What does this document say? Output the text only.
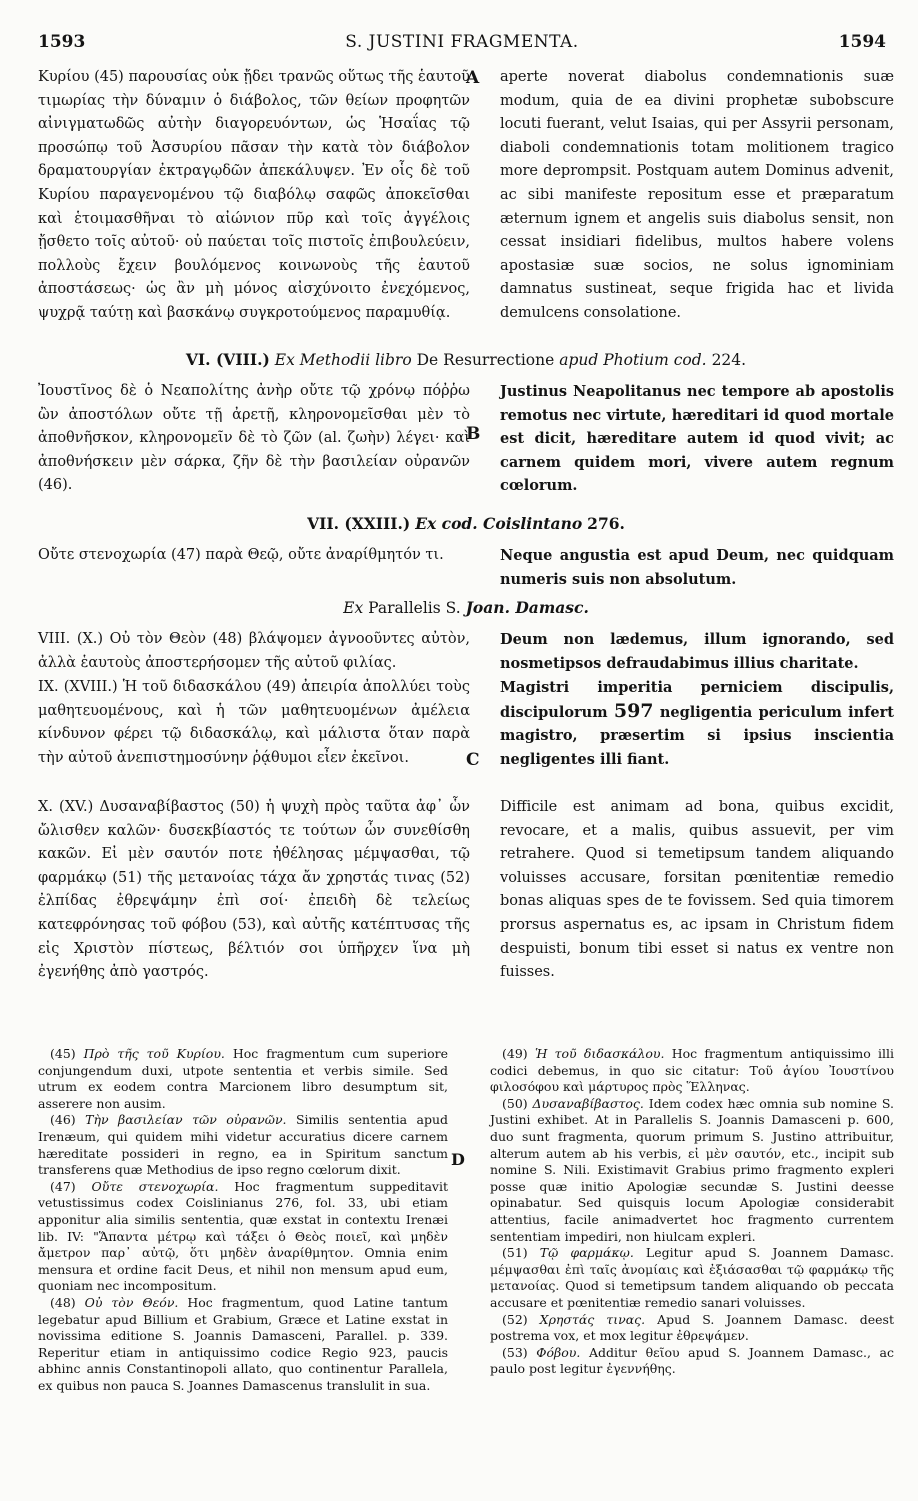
1593	S. JUSTINI FRAGMENTA.	1594
Κυρίου (45) παρουσίας οὐκ ᾔδει τρανῶς οὕτως τῆς ἑαυτοῦ τιμωρίας τὴν δύναμιν ὁ διάβολος, τῶν θείων προφητῶν αἰνιγματωδῶς αὐτὴν διαγορευόντων, ὡς Ἡσαΐας τῷ προσώπῳ τοῦ Ἀσσυρίου πᾶσαν τὴν κατὰ τὸν διάβολον δραματουργίαν ἐκτραγῳδῶν ἀπεκάλυψεν. Ἐν οἷς δὲ τοῦ Κυρίου παραγενομένου τῷ διαβόλῳ σαφῶς ἀποκεῖσθαι καὶ ἑτοιμασθῆναι τὸ αἰώνιον πῦρ καὶ τοῖς ἀγγέλοις ᾔσθετο τοῖς αὐτοῦ· οὐ παύεται τοῖς πιστοῖς ἐπιβουλεύειν, πολλοὺς ἔχειν βουλόμενος κοινωνοὺς τῆς ἑαυτοῦ ἀποστάσεως· ὡς ἂν μὴ μόνος αἰσχύνοιτο ἐνεχόμενος, ψυχρᾷ ταύτῃ καὶ βασκάνῳ συγκροτούμενος παραμυθίᾳ.
A aperte noverat diabolus condemnationis suæ modum, quia de ea divini prophetæ subobscure locuti fuerant, velut Isaias, qui per Assyrii personam, diaboli condemnationis totam molitionem tragico more deprompsit. Postquam autem Dominus advenit, ac sibi manifeste repositum esse et præparatum æternum ignem et angelis suis diabolus sensit, non cessat insidiari fidelibus, multos habere volens apostasiæ suæ socios, ne solus ignominiam damnatus sustineat, seque frigida hac et livida demulcens consolatione.
VI. (VIII.) Ex Methodii libro De Resurrectione apud Photium cod. 224.
Ἰουστῖνος δὲ ὁ Νεαπολίτης ἀνὴρ οὔτε τῷ χρόνῳ πόῤῥω ὢν ἀποστόλων οὔτε τῇ ἀρετῇ, κληρονομεῖσθαι μὲν τὸ ἀποθνῆσκον, κληρονομεῖν δὲ τὸ ζῶν (al. ζωὴν) λέγει· καὶ ἀποθνήσκειν μὲν σάρκα, ζῆν δὲ τὴν βασιλείαν οὐρανῶν (46).
B
Justinus Neapolitanus nec tempore ab apostolis remotus nec virtute, hæreditari id quod mortale est dicit, hæreditare autem id quod vivit; ac carnem quidem mori, vivere autem regnum cœlorum.
VII. (XXIII.) Ex cod. Coislintano 276.
Οὔτε στενοχωρία (47) παρὰ Θεῷ, οὔτε ἀναρίθμητόν τι.	Neque angustia est apud Deum, nec quidquam numeris suis non absolutum.
Ex Parallelis S. Joan. Damasc.
VIII. (X.) Οὐ τὸν Θεὸν (48) βλάψομεν ἀγνοοῦντες αὐτὸν, ἀλλὰ ἑαυτοὺς ἀποστερήσομεν τῆς αὐτοῦ φιλίας.
Deum non lædemus, illum ignorando, sed nosmetipsos defraudabimus illius charitate.
IX. (XVIII.) Ἡ τοῦ διδασκάλου (49) ἀπειρία ἀπολλύει τοὺς μαθητευομένους, καὶ ἡ τῶν μαθητευομένων ἀμέλεια κίνδυνον φέρει τῷ διδασκάλῳ, καὶ μάλιστα ὅταν παρὰ τὴν αὐτοῦ ἀνεπιστημοσύνην ῥᾴθυμοι εἶεν ἐκεῖνοι.	C
Magistri imperitia perniciem discipulis, discipulorum 597 negligentia periculum infert magistro, præsertim si ipsius inscientia negligentes illi fiant.
X. (XV.) Δυσαναβίβαστος (50) ἡ ψυχὴ πρὸς ταῦτα ἀφ᾽ ὧν ὤλισθεν καλῶν· δυσεκβίαστός τε τούτων ὧν συνεθίσθη κακῶν. Εἰ μὲν σαυτόν ποτε ἠθέλησας μέμψασθαι, τῷ φαρμάκῳ (51) τῆς μετανοίας τάχα ἄν χρηστάς τινας (52) ἐλπίδας ἐθρεψάμην ἐπὶ σοί· ἐπειδὴ δὲ τελείως κατεφρόνησας τοῦ φόβου (53), καὶ αὐτῆς κατέπτυσας τῆς εἰς Χριστὸν πίστεως, βέλτιόν σοι ὑπῆρχεν ἵνα μὴ ἐγενήθης ἀπὸ γαστρός.
Difficile est animam ad bona, quibus excidit, revocare, et a malis, quibus assuevit, per vim retrahere. Quod si temetipsum tandem aliquando voluisses accusare, forsitan pœnitentiæ remedio bonas aliquas spes de te fovissem. Sed quia timorem prorsus aspernatus es, ac ipsam in Christum fidem despuisti, bonum tibi esset si natus ex ventre non fuisses.

(45) Πρὸ τῆς τοῦ Κυρίου. Hoc fragmentum cum superiore conjungendum duxi, utpote sententia et verbis simile. Sed utrum ex eodem contra Marcionem libro desumptum sit, asserere non ausim.

(46) Τὴν βασιλείαν τῶν οὐρανῶν. Similis sententia apud Irenæum, qui quidem mihi videtur accuratius dicere carnem hæreditate possideri in regno, ea in Spiritum sanctum transferens quæ Methodius de ipso regno cœlorum dixit.

(47) Οὔτε στενοχωρία. Hoc fragmentum suppeditavit vetustissimus codex Coislinianus 276, fol. 33, ubi etiam apponitur alia similis sententia, quæ exstat in contextu Irenæi lib. IV: "Ἅπαντα μέτρῳ καὶ τάξει ὁ Θεὸς ποιεῖ, καὶ μηδὲν ἄμετρον παρ᾽ αὐτῷ, ὅτι μηδὲν ἀναρίθμητον. Omnia enim mensura et ordine facit Deus, et nihil non mensum apud eum, quoniam nec incompositum.

(48) Οὐ τὸν Θεόν. Hoc fragmentum, quod Latine tantum legebatur apud Billium et Grabium, Græce et Latine exstat in novissima editione S. Joannis Damasceni, Parallel. p. 339. Reperitur etiam in antiquissimo codice Regio 923, paucis abhinc annis Constantinopoli allato, quo continentur Parallela, ex quibus non pauca S. Joannes Damascenus translulit in sua.

D

(49) Ἡ τοῦ διδασκάλου. Hoc fragmentum antiquissimo illi codici debemus, in quo sic citatur: Τοῦ ἁγίου Ἰουστίνου φιλοσόφου καὶ μάρτυρος πρὸς Ἕλληνας.

(50) Δυσαναβίβαστος. Idem codex hæc omnia sub nomine S. Justini exhibet. At in Parallelis S. Joannis Damasceni p. 600, duo sunt fragmenta, quorum primum S. Justino attribuitur, alterum autem ab his verbis, εἰ μὲν σαυτόν, etc., incipit sub nomine S. Nili. Existimavit Grabius primo fragmento expleri posse quæ initio Apologiæ secundæ S. Justini deesse opinabatur. Sed quisquis locum Apologiæ considerabit attentius, facile animadvertet hoc fragmento currentem sententiam impediri, non hiulcam expleri.

(51) Τῷ φαρμάκῳ. Legitur apud S. Joannem Damasc. μέμψασθαι ἐπὶ ταῖς ἀνομίαις καὶ ἐξιάσασθαι τῷ φαρμάκῳ τῆς μετανοίας. Quod si temetipsum tandem aliquando ob peccata accusare et pœnitentiæ remedio sanari voluisses.

(52) Χρηστάς τινας. Apud S. Joannem Damasc. deest postrema vox, et mox legitur ἐθρεψάμεν.

(53) Φόβου. Additur θεῖου apud S. Joannem Damasc., ac paulo post legitur ἐγεννήθης.
